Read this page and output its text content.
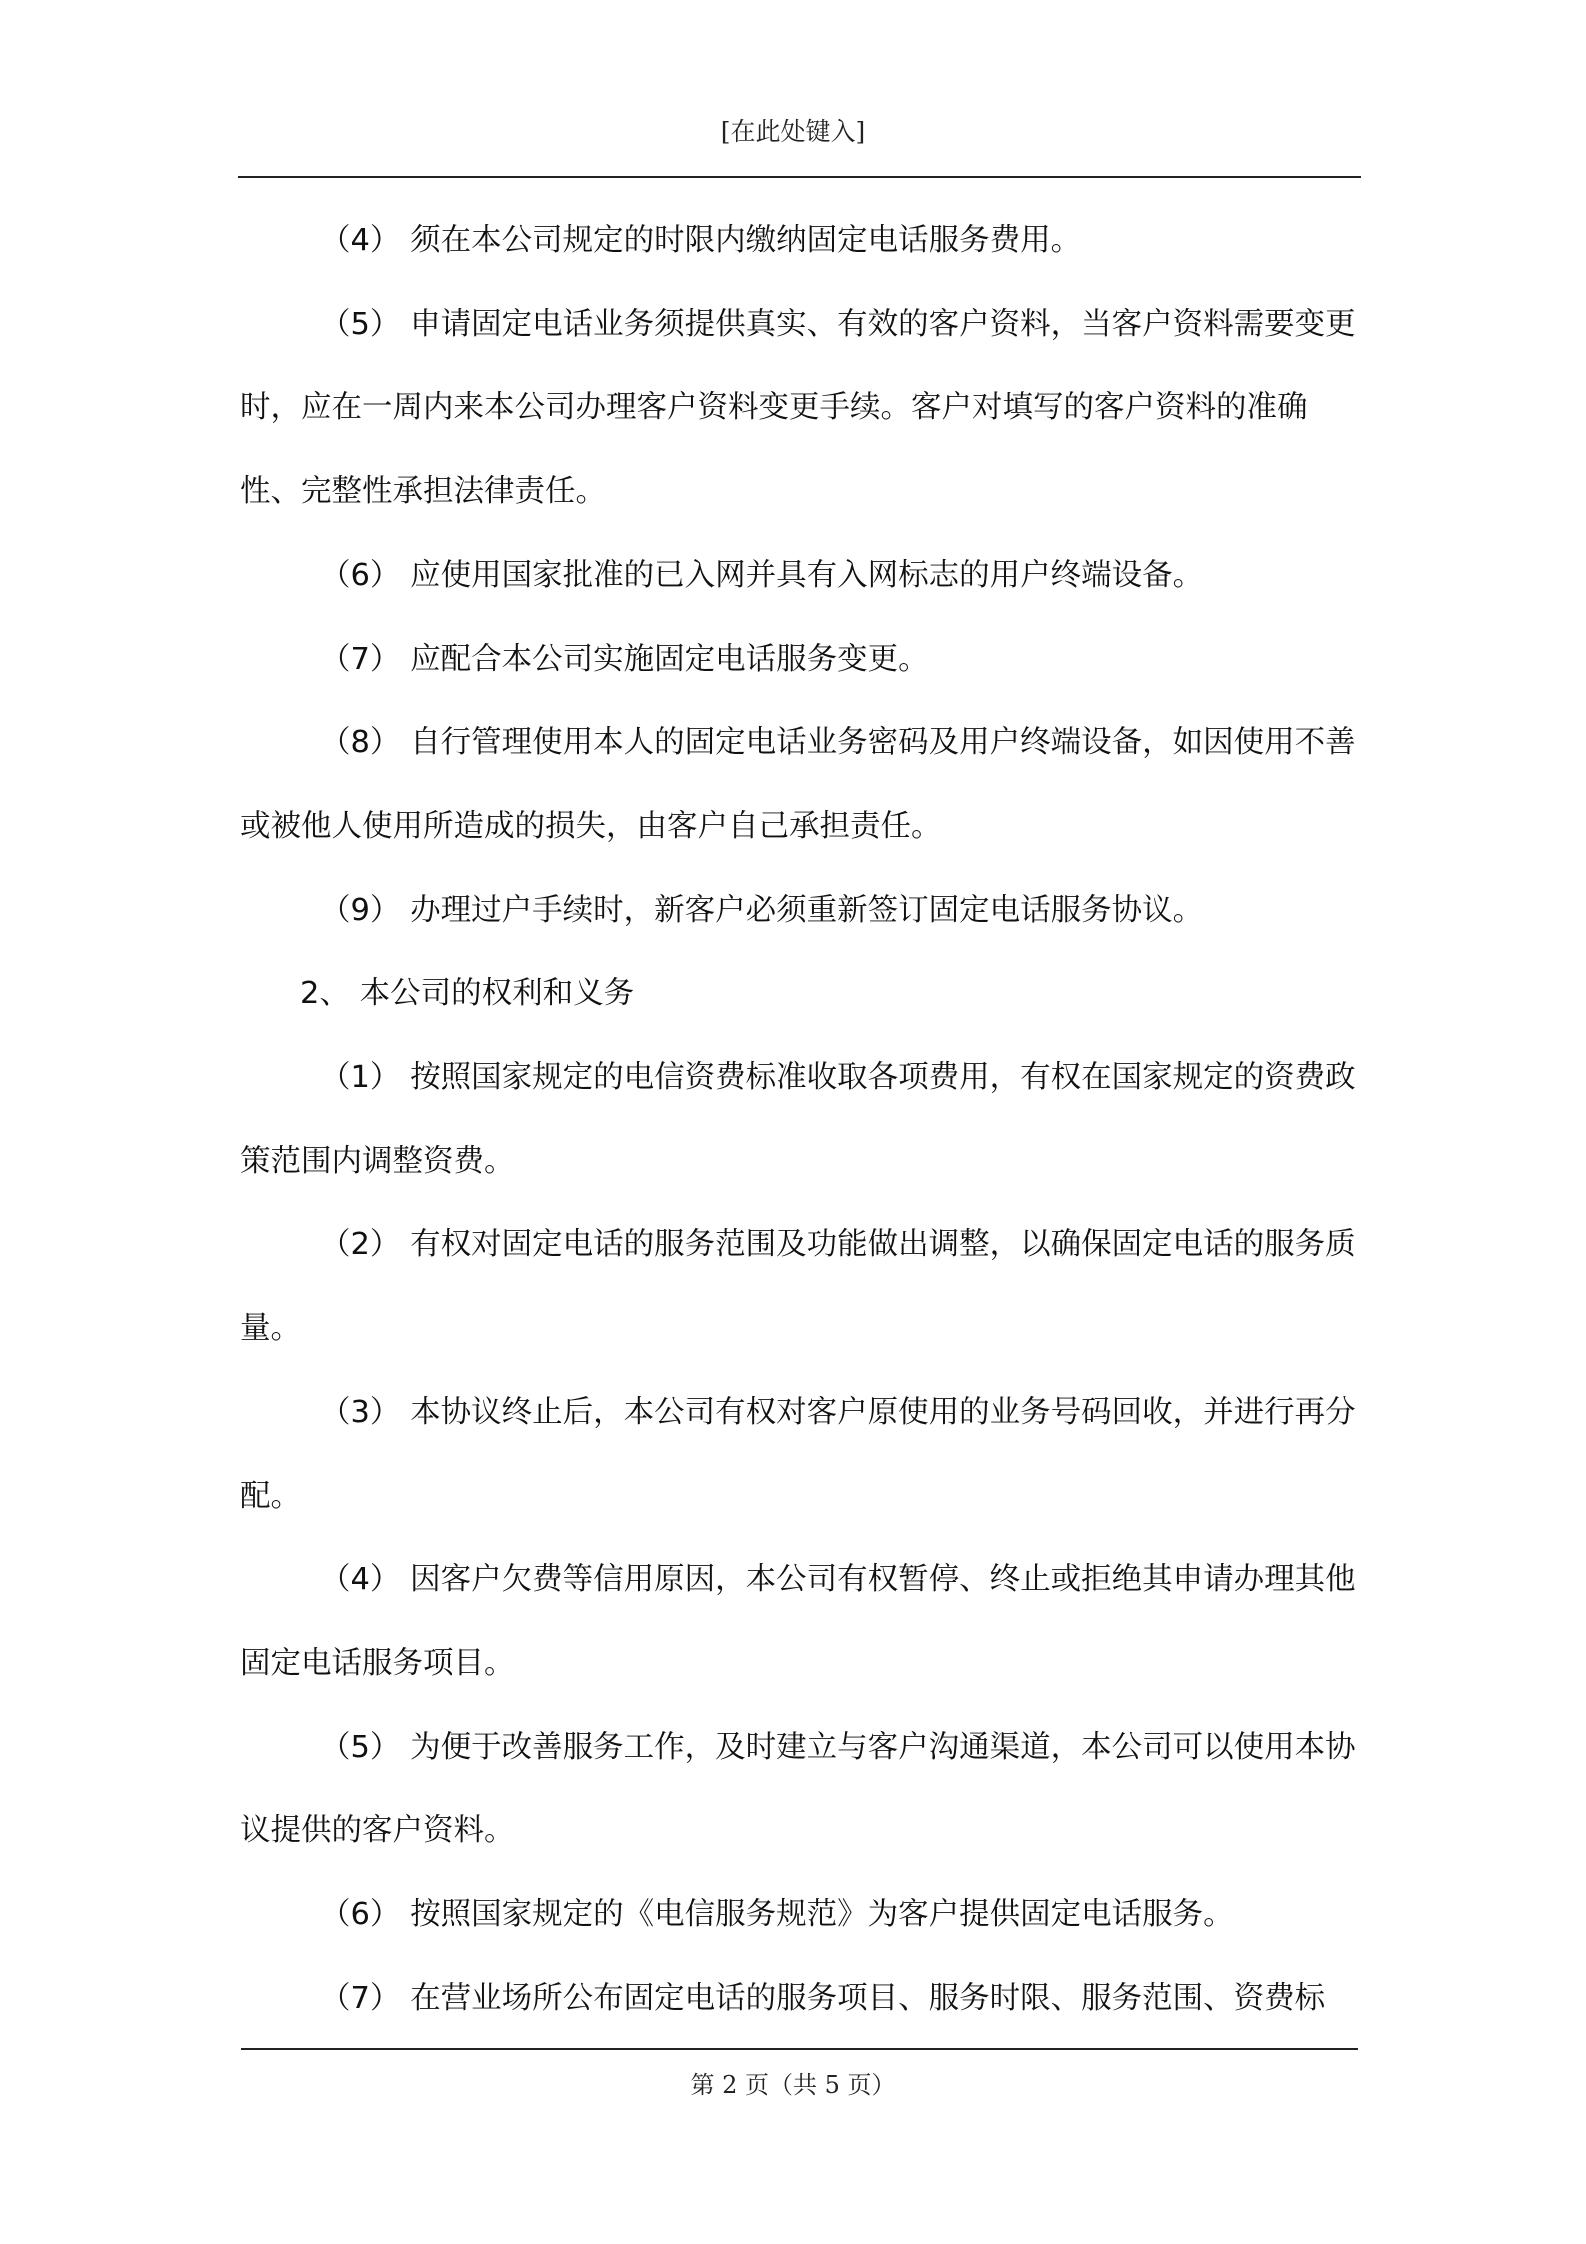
[在此处键入]

（4） 须在本公司规定的时限内缴纳固定电话服务费用。

（5） 申请固定电话业务须提供真实、有效的客户资料，当客户资料需要变更时，应在一周内来本公司办理客户资料变更手续。客户对填写的客户资料的准确性、完整性承担法律责任。

（6） 应使用国家批准的已入网并具有入网标志的用户终端设备。

（7） 应配合本公司实施固定电话服务变更。

（8） 自行管理使用本人的固定电话业务密码及用户终端设备，如因使用不善或被他人使用所造成的损失，由客户自己承担责任。

（9） 办理过户手续时，新客户必须重新签订固定电话服务协议。

2、 本公司的权利和义务

（1） 按照国家规定的电信资费标准收取各项费用，有权在国家规定的资费政策范围内调整资费。

（2） 有权对固定电话的服务范围及功能做出调整，以确保固定电话的服务质量。

（3） 本协议终止后，本公司有权对客户原使用的业务号码回收，并进行再分配。

（4） 因客户欠费等信用原因，本公司有权暂停、终止或拒绝其申请办理其他固定电话服务项目。

（5） 为便于改善服务工作，及时建立与客户沟通渠道，本公司可以使用本协议提供的客户资料。

（6） 按照国家规定的《电信服务规范》为客户提供固定电话服务。

（7） 在营业场所公布固定电话的服务项目、服务时限、服务范围、资费标

第 2 页（共 5 页）
